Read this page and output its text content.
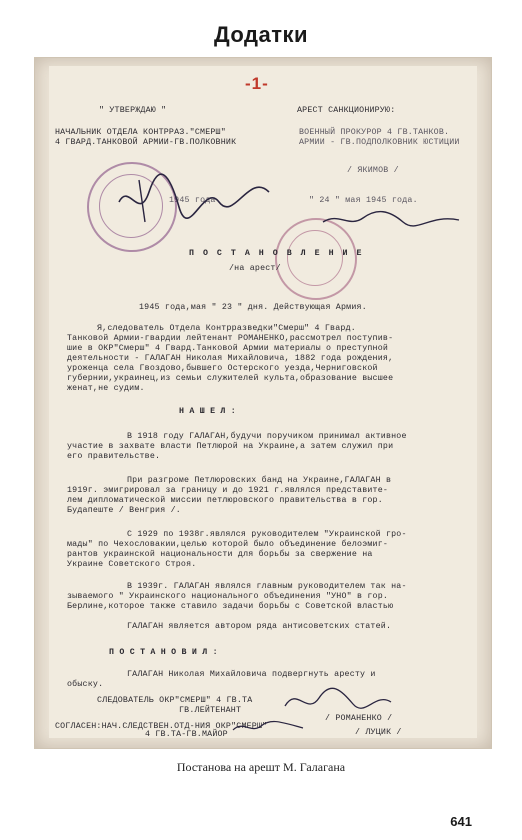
Додатки
-1-
" УТВЕРЖДАЮ "	АРЕСТ САНКЦИОНИРУЮ:
НАЧАЛЬНИК ОТДЕЛА КОНТРРАЗ."СМЕРШ"
4 ГВАРД.ТАНКОВОЙ АРМИИ-ГВ.ПОЛКОВНИК
ВОЕННЫЙ ПРОКУРОР 4 ГВ.ТАНКОВ.
АРМИИ - ГВ.ПОДПОЛКОВНИК ЮСТИЦИИ
/ ЯКИМОВ /
1945 года.	" 24 " мая 1945 года.
П О С Т А Н О В Л Е Н И Е
/на арест/
1945 года,мая " 23 " дня. Действующая Армия.
Я,следователь Отдела Контрразведки"Смерш" 4 Гвард.
Танковой Армии-гвардии лейтенант РОМАНЕНКО,рассмотрел поступив-
шие в ОКР"Смерш" 4 Гвард.Танковой Армии материалы о преступной
деятельности - ГАЛАГАН Николая Михайловича, 1882 года рождения,
уроженца села Гвоздово,бывшего Остерского уезда,Черниговской
губернии,украинец,из семьи служителей культа,образование высшее
женат,не судим.
Н А Ш Е Л :
В 1918 году ГАЛАГАН,будучи поручиком принимал активное
участие в захвате власти Петлюрой на Украине,а затем служил при
его правительстве.
При разгроме Петлюровских банд на Украине,ГАЛАГАН в
1919г. эмигрировал за границу и до 1921 г.являлся представите-
лем дипломатической миссии петлюровского правительства в гор.
Будапеште / Венгрия /.
С 1929 по 1938г.являлся руководителем "Украинской гро-
мады" по Чехословакии,целью которой было объединение белоэмиг-
рантов украинской национальности для борьбы за свержение на
Украине Советского Строя.
В 1939г. ГАЛАГАН являлся главным руководителем так на-
зываемого " Украинского национального объединения "УНО" в гор.
Берлине,которое также ставило задачи борьбы с Советской властью
ГАЛАГАН является автором ряда антисоветских статей.
П О С Т А Н О В И Л :
ГАЛАГАН Николая Михайловича подвергнуть аресту и
обыску.
СЛЕДОВАТЕЛЬ ОКР"СМЕРШ" 4 ГВ.ТА
ГВ.ЛЕЙТЕНАНТ
/ РОМАНЕНКО /
СОГЛАСЕН:НАЧ.СЛЕДСТВЕН.ОТД-НИЯ ОКР"СМЕРШ"
4 ГВ.ТА-ГВ.МАЙОР	/ ЛУЦИК /
Постанова на арешт М. Галагана
641
